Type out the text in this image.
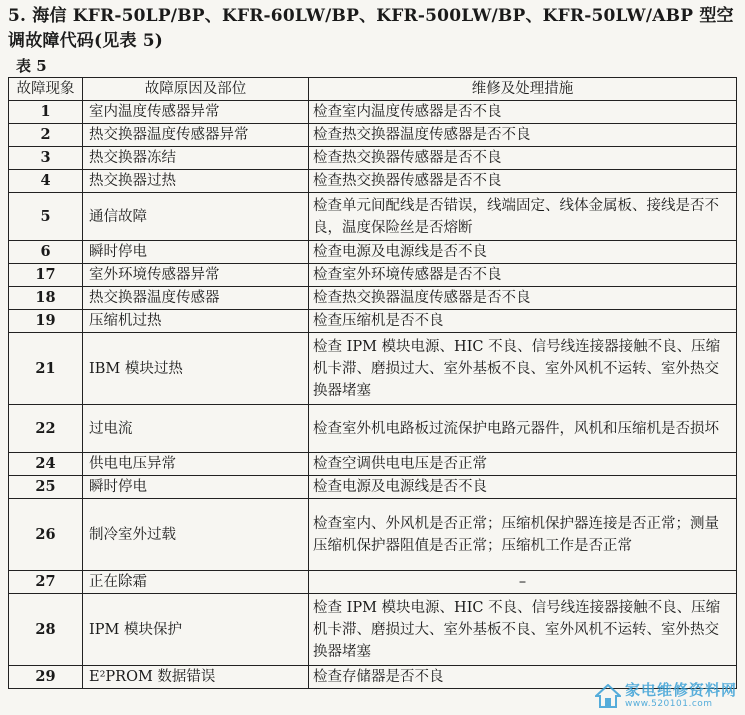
5. 海信 KFR-50LP/BP、KFR-60LW/BP、KFR-500LW/BP、KFR-50LW/ABP 型空
调故障代码(见表 5)
表 5
故障现象	故障原因及部位	维修及处理措施
1	室内温度传感器异常	检查室内温度传感器是否不良
2	热交换器温度传感器异常	检查热交换器温度传感器是否不良
3	热交换器冻结	检查热交换器传感器是否不良
4	热交换器过热	检查热交换器传感器是否不良
5	通信故障	检查单元间配线是否错误，线端固定、线体金属板、接线是否不良，温度保险丝是否熔断
6	瞬时停电	检查电源及电源线是否不良
17	室外环境传感器异常	检查室外环境传感器是否不良
18	热交换器温度传感器	检查热交换器温度传感器是否不良
19	压缩机过热	检查压缩机是否不良
21	IBM 模块过热	检查 IPM 模块电源、HIC 不良、信号线连接器接触不良、压缩机卡滞、磨损过大、室外基板不良、室外风机不运转、室外热交换器堵塞
22	过电流	检查室外机电路板过流保护电路元器件，风机和压缩机是否损坏
24	供电电压异常	检查空调供电电压是否正常
25	瞬时停电	检查电源及电源线是否不良
26	制冷室外过载	检查室内、外风机是否正常；压缩机保护器连接是否正常；测量压缩机保护器阻值是否正常；压缩机工作是否正常
27	正在除霜	–
28	IPM 模块保护	检查 IPM 模块电源、HIC 不良、信号线连接器接触不良、压缩机卡滞、磨损过大、室外基板不良、室外风机不运转、室外热交换器堵塞
29	E²PROM 数据错误	检查存储器是否不良
家电维修资料网
www.520101.com
